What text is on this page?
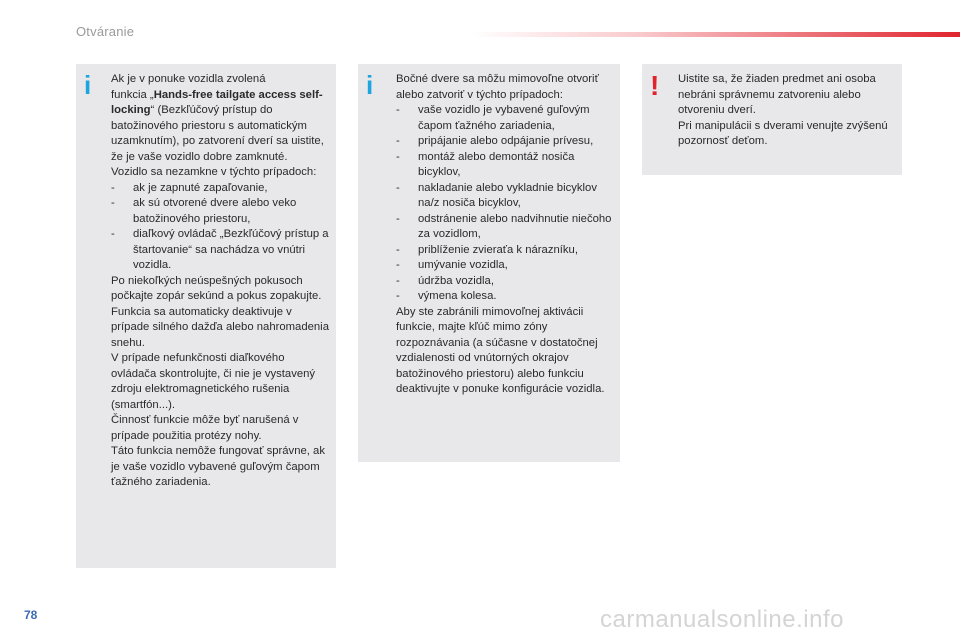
Otváranie
i Ak je v ponuke vozidla zvolená
funkcia „Hands-free tailgate access self-locking“ (Bezkľúčový prístup do batožinového priestoru s automatickým uzamknutím), po zatvorení dverí sa uistite, že je vaše vozidlo dobre zamknuté.

Vozidlo sa nezamkne v týchto prípadoch:

- ak je zapnuté zapaľovanie,
- ak sú otvorené dvere alebo veko batožinového priestoru,
- diaľkový ovládač „Bezkľúčový prístup a štartovanie“ sa nachádza vo vnútri vozidla.

Po niekoľkých neúspešných pokusoch počkajte zopár sekúnd a pokus zopakujte.

Funkcia sa automaticky deaktivuje v prípade silného dažďa alebo nahromadenia snehu.

V prípade nefunkčnosti diaľkového ovládača skontrolujte, či nie je vystavený zdroju elektromagnetického rušenia (smartfón...).

Činnosť funkcie môže byť narušená v prípade použitia protézy nohy.

Táto funkcia nemôže fungovať správne, ak je vaše vozidlo vybavené guľovým čapom ťažného zariadenia.

i Bočné dvere sa môžu mimovoľne otvoriť alebo zatvoriť v týchto prípadoch:

- vaše vozidlo je vybavené guľovým čapom ťažného zariadenia,
- pripájanie alebo odpájanie prívesu,
- montáž alebo demontáž nosiča bicyklov,
- nakladanie alebo vykladnie bicyklov na/z nosiča bicyklov,
- odstránenie alebo nadvihnutie niečoho za vozidlom,
- priblíženie zvieraťa k nárazníku,
- umývanie vozidla,
- údržba vozidla,
- výmena kolesa.

Aby ste zabránili mimovoľnej aktivácii funkcie, majte kľúč mimo zóny rozpoznávania (a súčasne v dostatočnej vzdialenosti od vnútorných okrajov batožinového priestoru) alebo funkciu deaktivujte v ponuke konfigurácie vozidla.

! Uistite sa, že žiaden predmet ani osoba nebráni správnemu zatvoreniu alebo otvoreniu dverí.

Pri manipulácii s dverami venujte zvýšenú pozornosť deťom.

78	carmanualsonline.info
